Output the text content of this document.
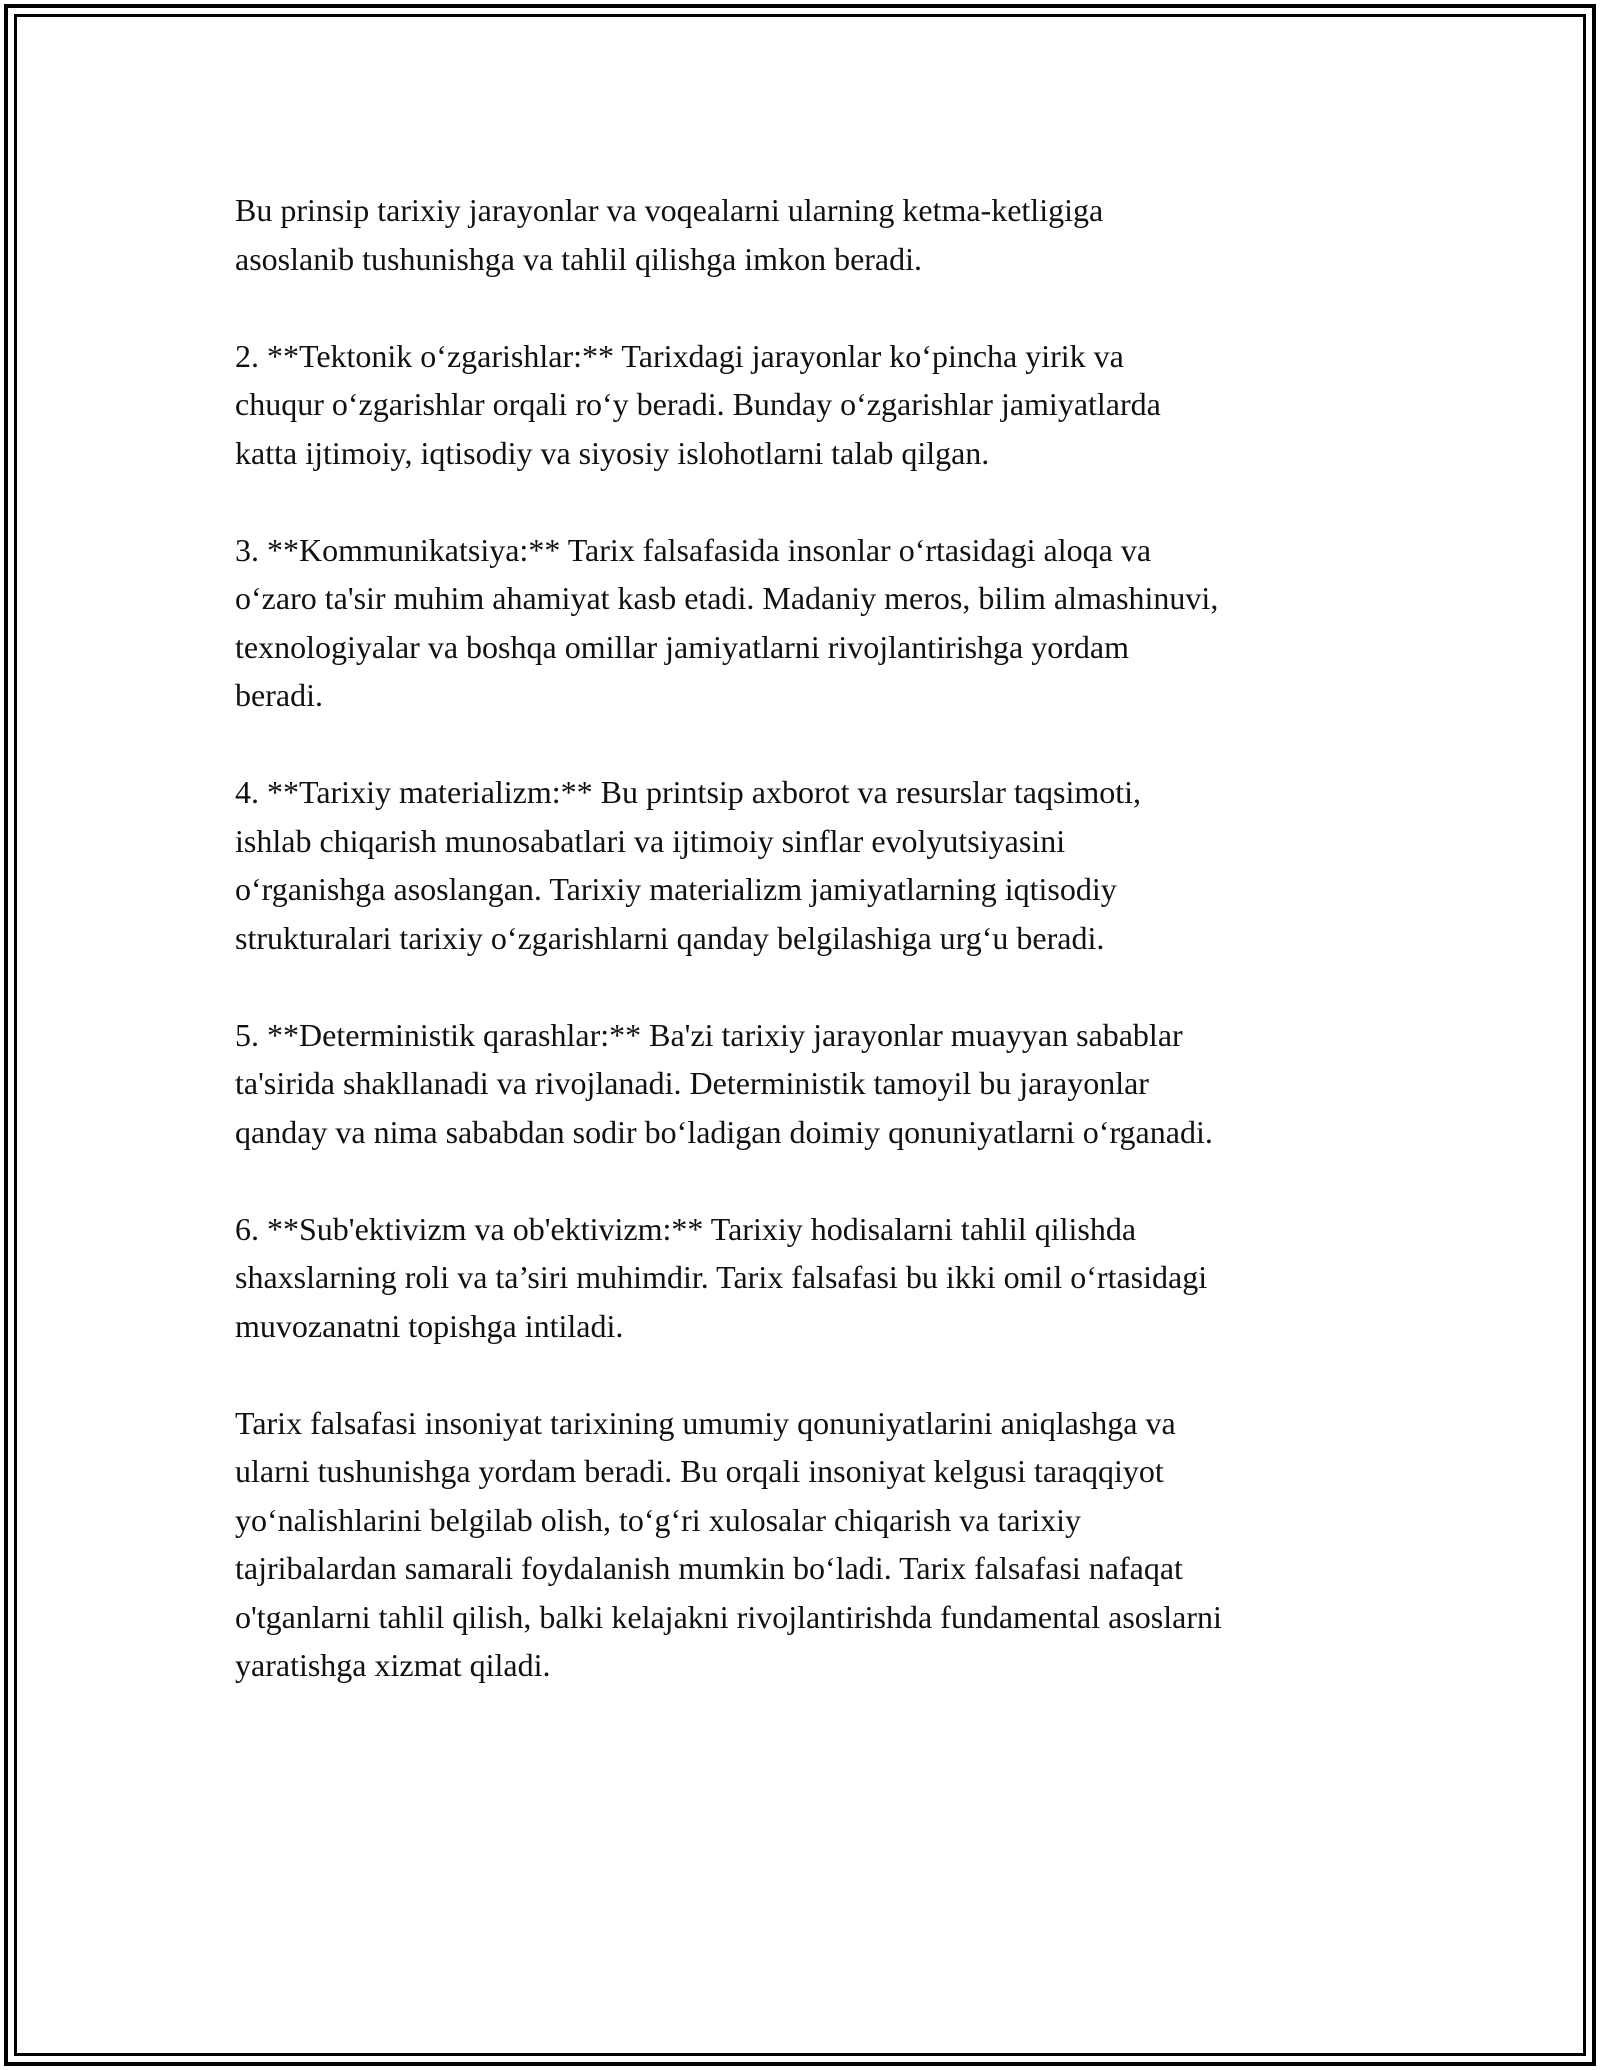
Bu prinsip tarixiy jarayonlar va voqealarni ularning ketma-ketligiga
asoslanib tushunishga va tahlil qilishga imkon beradi.

2. **Tektonik o‘zgarishlar:** Tarixdagi jarayonlar ko‘pincha yirik va
chuqur o‘zgarishlar orqali ro‘y beradi. Bunday o‘zgarishlar jamiyatlarda
katta ijtimoiy, iqtisodiy va siyosiy islohotlarni talab qilgan.

3. **Kommunikatsiya:** Tarix falsafasida insonlar o‘rtasidagi aloqa va
o‘zaro ta'sir muhim ahamiyat kasb etadi. Madaniy meros, bilim almashinuvi,
texnologiyalar va boshqa omillar jamiyatlarni rivojlantirishga yordam
beradi.

4. **Tarixiy materializm:** Bu printsip axborot va resurslar taqsimoti,
ishlab chiqarish munosabatlari va ijtimoiy sinflar evolyutsiyasini
o‘rganishga asoslangan. Tarixiy materializm jamiyatlarning iqtisodiy
strukturalari tarixiy o‘zgarishlarni qanday belgilashiga urg‘u beradi.

5. **Deterministik qarashlar:** Ba'zi tarixiy jarayonlar muayyan sabablar
ta'sirida shakllanadi va rivojlanadi. Deterministik tamoyil bu jarayonlar
qanday va nima sababdan sodir bo‘ladigan doimiy qonuniyatlarni o‘rganadi.

6. **Sub'ektivizm va ob'ektivizm:** Tarixiy hodisalarni tahlil qilishda
shaxslarning roli va ta’siri muhimdir. Tarix falsafasi bu ikki omil o‘rtasidagi
muvozanatni topishga intiladi.

Tarix falsafasi insoniyat tarixining umumiy qonuniyatlarini aniqlashga va
ularni tushunishga yordam beradi. Bu orqali insoniyat kelgusi taraqqiyot
yo‘nalishlarini belgilab olish, to‘g‘ri xulosalar chiqarish va tarixiy
tajribalardan samarali foydalanish mumkin bo‘ladi. Tarix falsafasi nafaqat
o'tganlarni tahlil qilish, balki kelajakni rivojlantirishda fundamental asoslarni
yaratishga xizmat qiladi.
